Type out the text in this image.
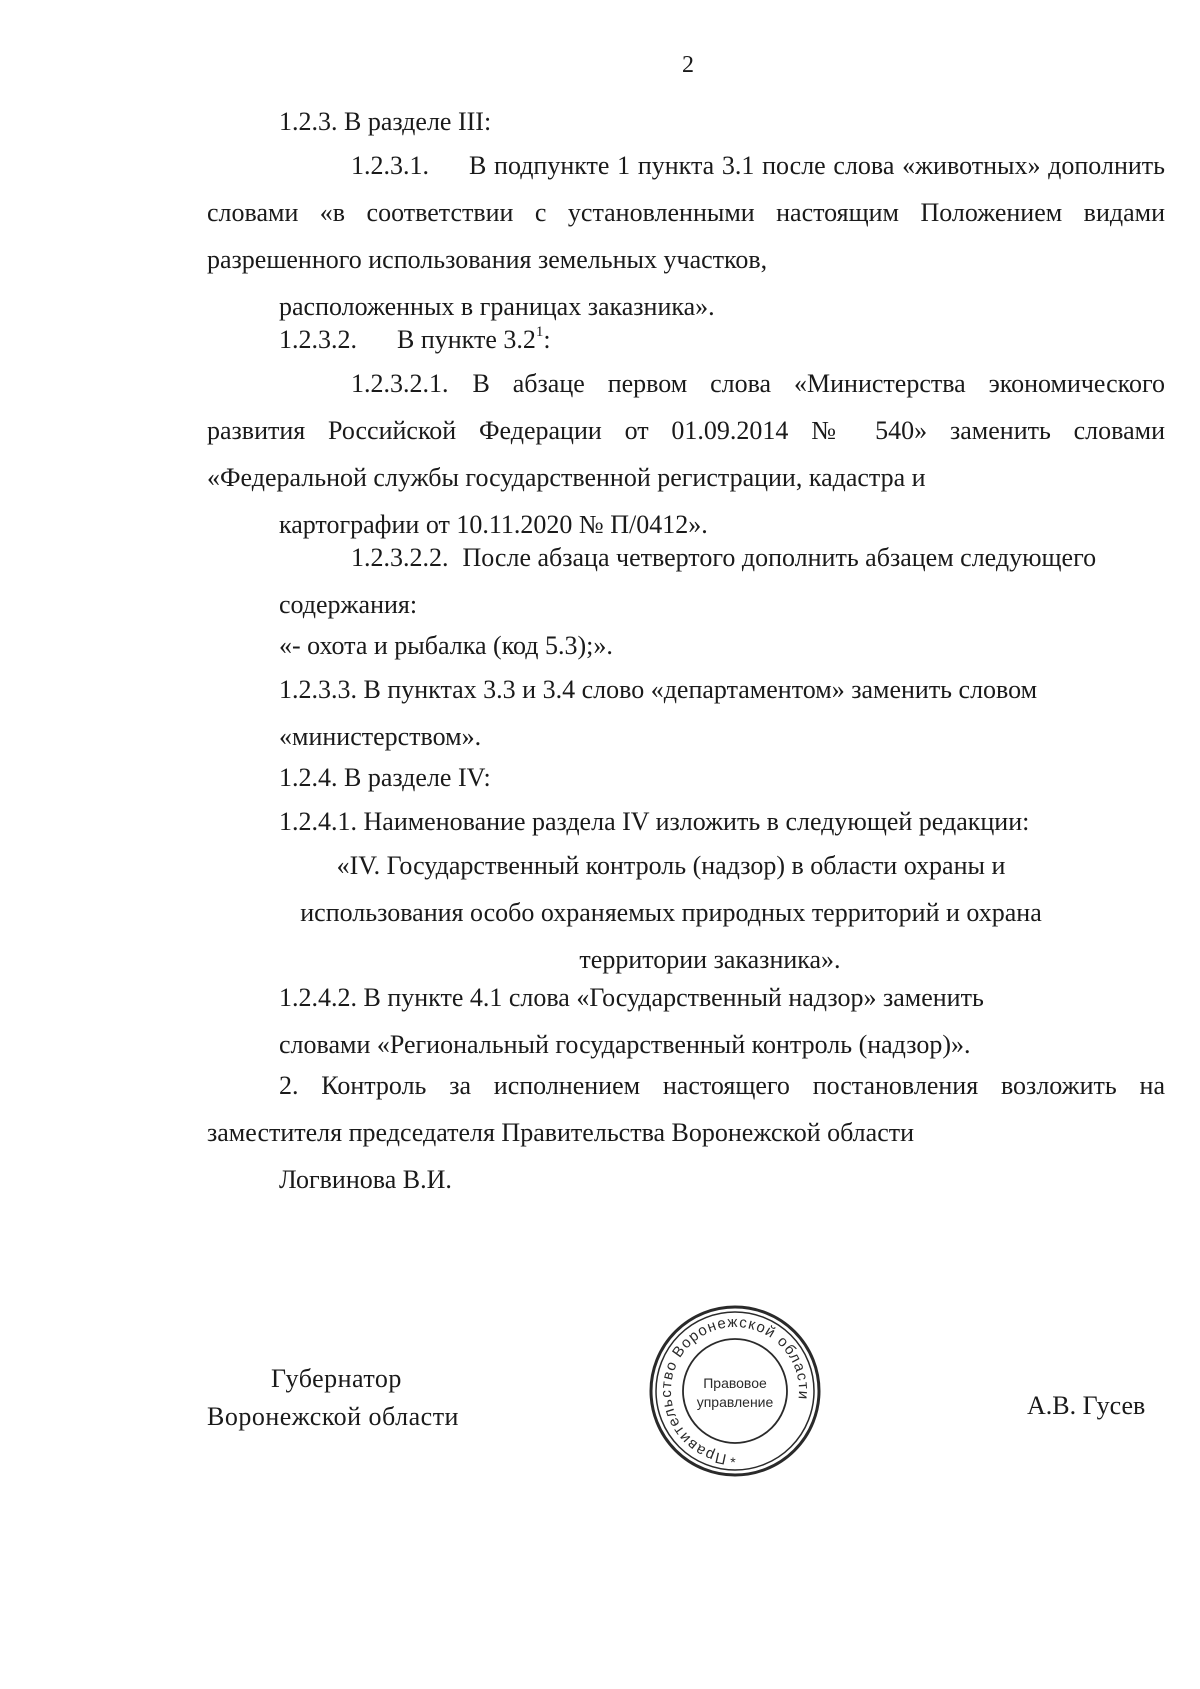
2

1.2.3. В разделе III:

1.2.3.1. В подпункте 1 пункта 3.1 после слова «животных» дополнить словами «в соответствии с установленными настоящим Положением видами разрешенного использования земельных участков,
расположенных в границах заказника».

1.2.3.2. В пункте $3.2^1$:

1.2.3.2.1. В абзаце первом слова «Министерства экономического развития Российской Федерации от 01.09.2014 № 540» заменить словами «Федеральной службы государственной регистрации, кадастра и
картографии от 10.11.2020 № П/0412».

1.2.3.2.2. После абзаца четвертого дополнить абзацем следующего
содержания:

«- охота и рыбалка (код 5.3);».

1.2.3.3. В пунктах 3.3 и 3.4 слово «департаментом» заменить словом
«министерством».

1.2.4. В разделе IV:

1.2.4.1. Наименование раздела IV изложить в следующей редакции:

«IV. Государственный контроль (надзор) в области охраны и
использования особо охраняемых природных территорий и охрана
территории заказника».

1.2.4.2. В пункте 4.1 слова «Государственный надзор» заменить
словами «Региональный государственный контроль (надзор)».

2. Контроль за исполнением настоящего постановления возложить на заместителя председателя Правительства Воронежской области
Логвинова В.И.

Губернатор
Воронежской области
Правительство Воронежской области
Правовое
управление
*
А.В. Гусев
